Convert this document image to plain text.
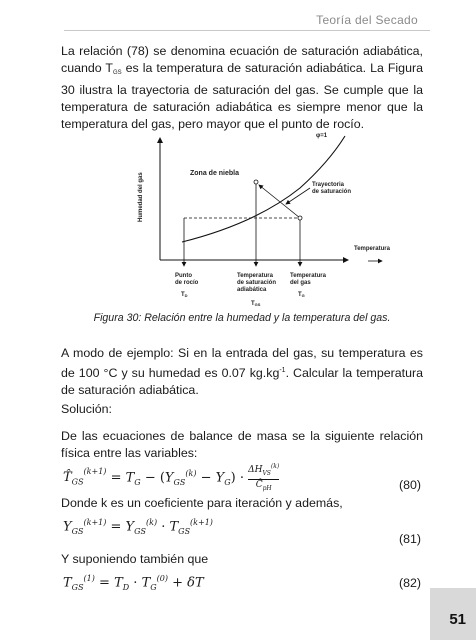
Teoría del Secado

La relación (78) se denomina ecuación de saturación adiabática, cuando $T_{GS}$ es la temperatura de saturación adiabática. La Figura 30 ilustra la trayectoria de saturación del gas. Se cumple que la temperatura de saturación adiabática es siempre menor que la temperatura del gas, pero mayor que el punto de rocío.

Humedad del gas
Temperatura
φ=1
Zona de niebla
Trayectoria
de saturación
Punto
de rocío
TD
Temperatura
de saturación
adiabática
TGS
Temperatura
del gas
TG
Figura 30: Relación entre la humedad y la temperatura del gas.

A modo de ejemplo: Si en la entrada del gas, su temperatura es de 100 °C y su humedad es 0.07 $kg.kg^{-1}$. Calcular la temperatura de saturación adiabática.

Solución:

De las ecuaciones de balance de masa se la siguiente relación física entre las variables:

$T̂_{GS}^{(k+1)} = T_G - (Y_{GS}^{(k)} - Y_G)$ ·
$\Delta H_{VS}^{(k)}$
$Ĉ_{pH}$	(80)

Donde k es un coeficiente para iteración y además,

$Y_{GS}^{(k+1)} = Y_{GS}^{(k)} \cdot T_{GS}^{(k+1)}$
(81)

Y suponiendo también que

$T_{GS}^{(1)} = T_D \cdot T_G^{(0)} + \delta T$	(82)
51
